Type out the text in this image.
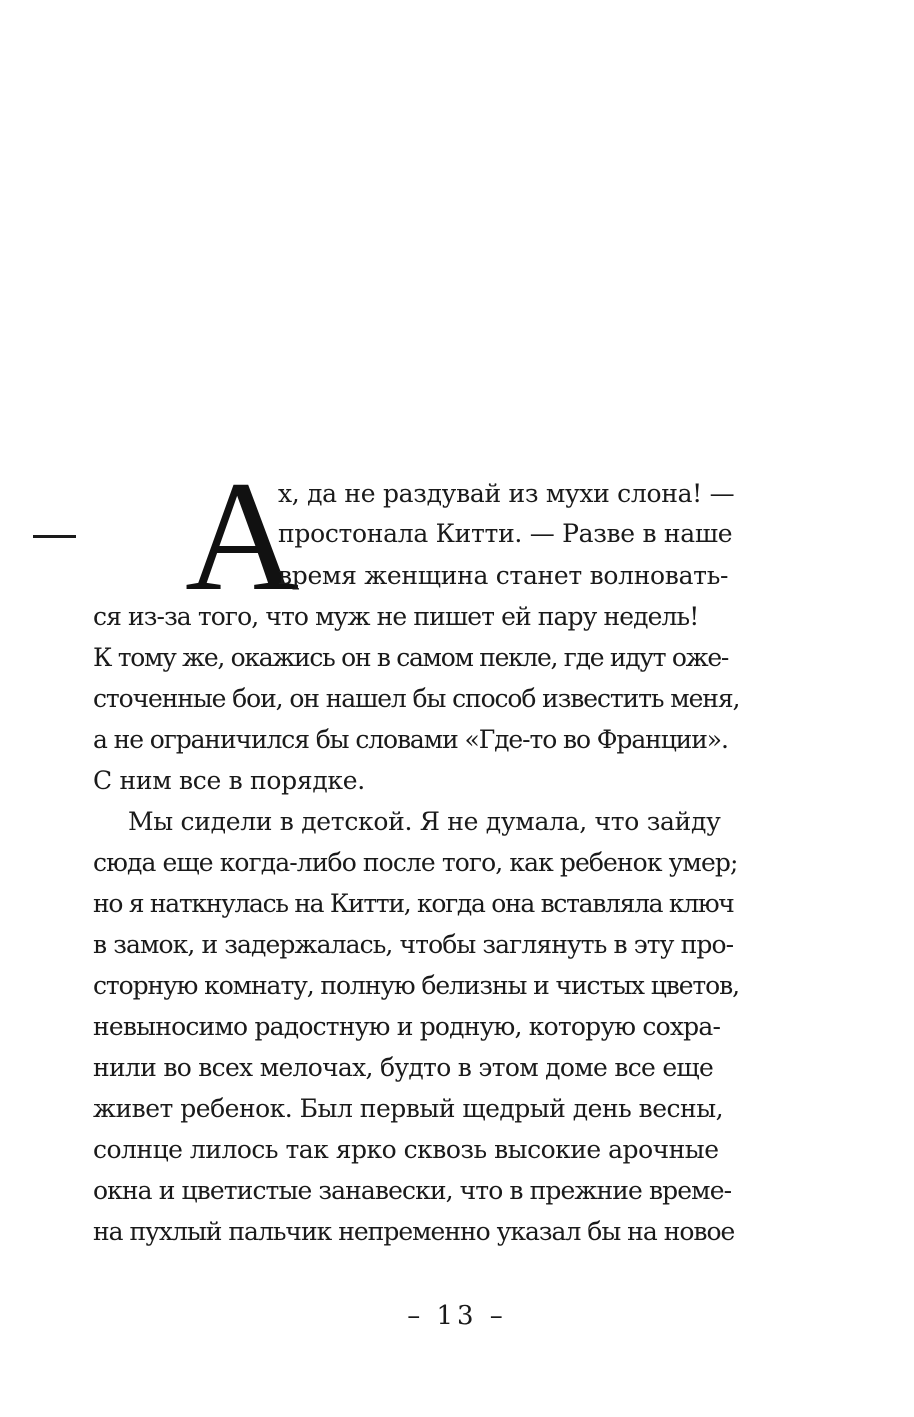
А
х, да не раздувай из мухи слона! —
простонала Китти. — Разве в наше
время женщина станет волновать-
ся из-за того, что муж не пишет ей пару недель!
К тому же, окажись он в самом пекле, где идут оже-
сточенные бои, он нашел бы способ известить меня,
а не ограничился бы словами «Где-то во Франции».
С ним все в порядке.
Мы сидели в детской. Я не думала, что зайду
сюда еще когда-либо после того, как ребенок умер;
но я наткнулась на Китти, когда она вставляла ключ
в замок, и задержалась, чтобы заглянуть в эту про-
сторную комнату, полную белизны и чистых цветов,
невыносимо радостную и родную, которую сохра-
нили во всех мелочах, будто в этом доме все еще
живет ребенок. Был первый щедрый день весны,
солнце лилось так ярко сквозь высокие арочные
окна и цветистые занавески, что в прежние време-
на пухлый пальчик непременно указал бы на новое
– 13 –
